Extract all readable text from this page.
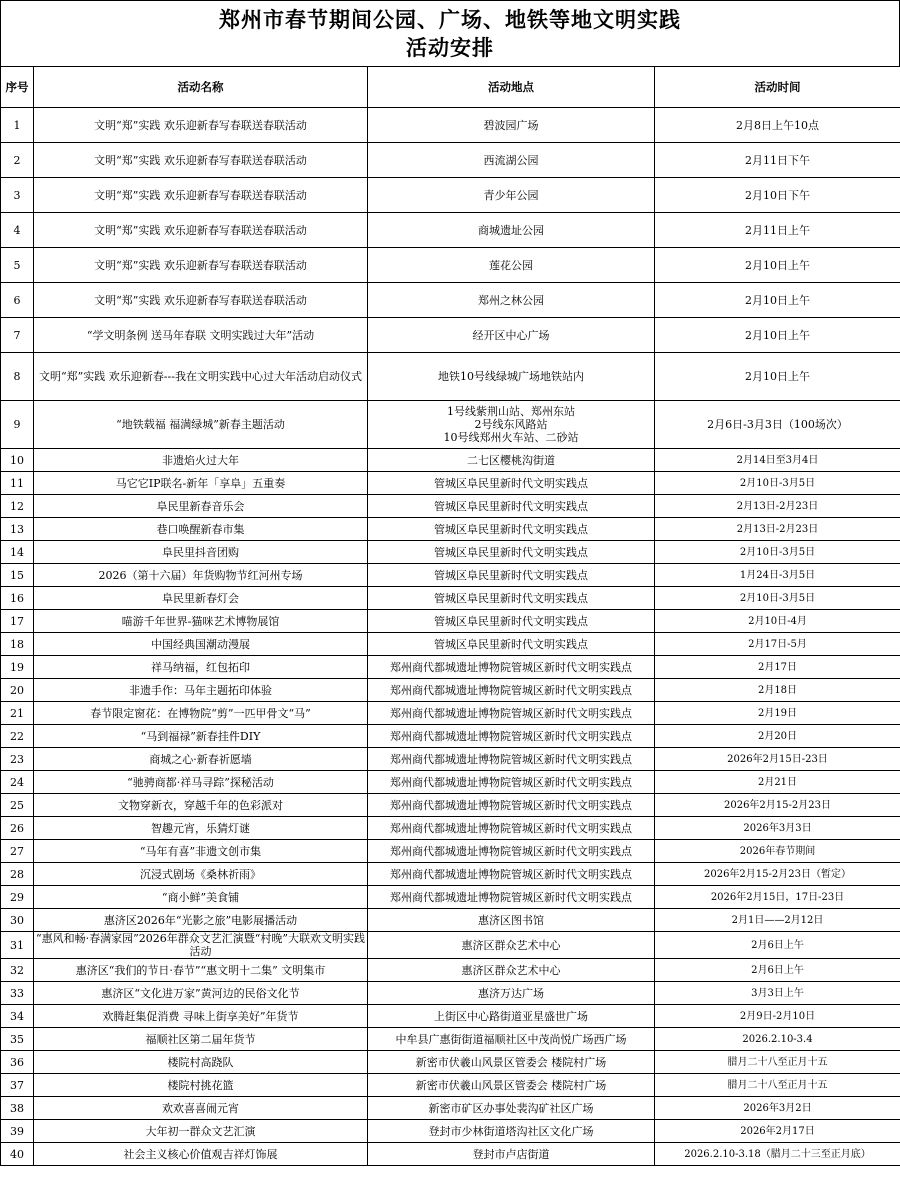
郑州市春节期间公园、广场、地铁等地文明实践
活动安排
序号	活动名称	活动地点	活动时间
1	文明“郑”实践 欢乐迎新春写春联送春联活动	碧波园广场	2月8日上午10点
2	文明“郑”实践 欢乐迎新春写春联送春联活动	西流湖公园	2月11日下午
3	文明“郑”实践 欢乐迎新春写春联送春联活动	青少年公园	2月10日下午
4	文明“郑”实践 欢乐迎新春写春联送春联活动	商城遗址公园	2月11日上午
5	文明“郑”实践 欢乐迎新春写春联送春联活动	莲花公园	2月10日上午
6	文明“郑”实践 欢乐迎新春写春联送春联活动	郑州之林公园	2月10日上午
7	“学文明条例 送马年春联 文明实践过大年”活动	经开区中心广场	2月10日上午
8	文明“郑”实践 欢乐迎新春---我在文明实践中心过大年活动启动仪式	地铁10号线绿城广场地铁站内	2月10日上午
9	“地铁载福 福满绿城”新春主题活动	1号线紫荆山站、郑州东站
2号线东风路站
10号线郑州火车站、二砂站	2月6日-3月3日（100场次）
10	非遗焰火过大年	二七区樱桃沟街道	2月14日至3月4日
11	马它它IP联名-新年「享阜」五重奏	管城区阜民里新时代文明实践点	2月10日-3月5日
12	阜民里新春音乐会	管城区阜民里新时代文明实践点	2月13日-2月23日
13	巷口唤醒新春市集	管城区阜民里新时代文明实践点	2月13日-2月23日
14	阜民里抖音团购	管城区阜民里新时代文明实践点	2月10日-3月5日
15	2026（第十六届）年货购物节红河州专场	管城区阜民里新时代文明实践点	1月24日-3月5日
16	阜民里新春灯会	管城区阜民里新时代文明实践点	2月10日-3月5日
17	喵游千年世界-猫咪艺术博物展馆	管城区阜民里新时代文明实践点	2月10日-4月
18	中国经典国潮动漫展	管城区阜民里新时代文明实践点	2月17日-5月
19	祥马纳福，红包拓印	郑州商代都城遗址博物院管城区新时代文明实践点	2月17日
20	非遗手作：马年主题拓印体验	郑州商代都城遗址博物院管城区新时代文明实践点	2月18日
21	春节限定窗花：在博物院“剪”一匹甲骨文“马”	郑州商代都城遗址博物院管城区新时代文明实践点	2月19日
22	“马到福禄”新春挂件DIY	郑州商代都城遗址博物院管城区新时代文明实践点	2月20日
23	商城之心·新春祈愿墙	郑州商代都城遗址博物院管城区新时代文明实践点	2026年2月15日-23日
24	“驰骋商都·祥马寻踪”探秘活动	郑州商代都城遗址博物院管城区新时代文明实践点	2月21日
25	文物穿新衣，穿越千年的色彩派对	郑州商代都城遗址博物院管城区新时代文明实践点	2026年2月15-2月23日
26	智趣元宵，乐猜灯谜	郑州商代都城遗址博物院管城区新时代文明实践点	2026年3月3日
27	“马年有喜”非遗文创市集	郑州商代都城遗址博物院管城区新时代文明实践点	2026年春节期间
28	沉浸式剧场《桑林祈雨》	郑州商代都城遗址博物院管城区新时代文明实践点	2026年2月15-2月23日（暂定）
29	“商小鲜”美食铺	郑州商代都城遗址博物院管城区新时代文明实践点	2026年2月15日，17日-23日
30	惠济区2026年“光影之旅”电影展播活动	惠济区图书馆	2月1日——2月12日
31	“惠风和畅·春满家园”2026年群众文艺汇演暨“村晚”大联欢文明实践活动	惠济区群众艺术中心	2月6日上午
32	惠济区“我们的节日·春节”“惠文明十二集” 文明集市	惠济区群众艺术中心	2月6日上午
33	惠济区“文化进万家”黄河边的民俗文化节	惠济万达广场	3月3日上午
34	欢腾赶集促消费 寻味上街享美好”年货节	上街区中心路街道亚星盛世广场	2月9日-2月10日
35	福顺社区第二届年货节	中牟县广惠街街道福顺社区中茂尚悦广场西广场	2026.2.10-3.4
36	楼院村高跷队	新密市伏羲山风景区管委会 楼院村广场	腊月二十八至正月十五
37	楼院村挑花篮	新密市伏羲山风景区管委会 楼院村广场	腊月二十八至正月十五
38	欢欢喜喜闹元宵	新密市矿区办事处裴沟矿社区广场	2026年3月2日
39	大年初一群众文艺汇演	登封市少林街道塔沟社区文化广场	2026年2月17日
40	社会主义核心价值观吉祥灯饰展	登封市卢店街道	2026.2.10-3.18（腊月二十三至正月底）
